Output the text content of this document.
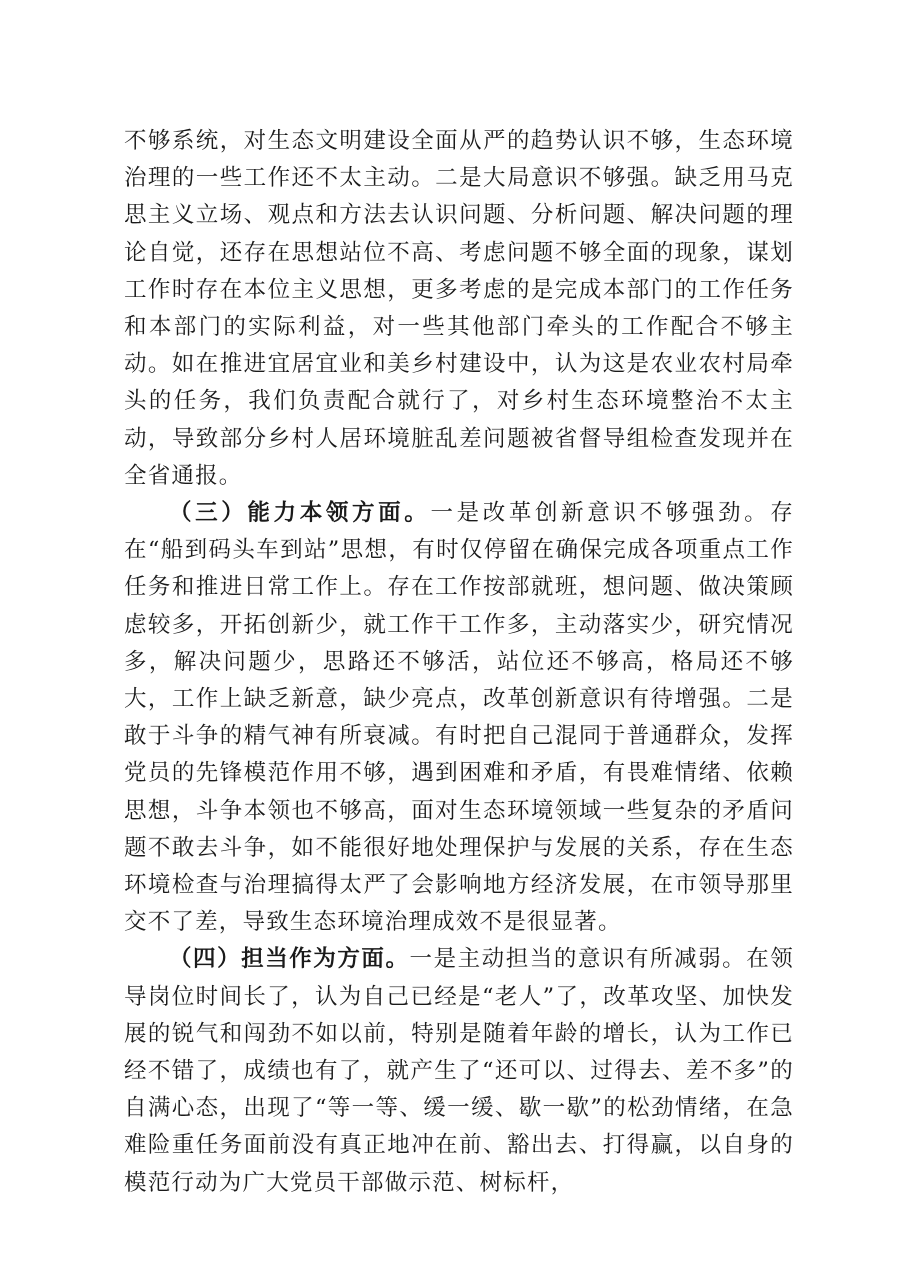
不够系统，对生态文明建设全面从严的趋势认识不够，生态环境治理的一些工作还不太主动。二是大局意识不够强。缺乏用马克思主义立场、观点和方法去认识问题、分析问题、解决问题的理论自觉，还存在思想站位不高、考虑问题不够全面的现象，谋划工作时存在本位主义思想，更多考虑的是完成本部门的工作任务和本部门的实际利益，对一些其他部门牵头的工作配合不够主动。如在推进宜居宜业和美乡村建设中，认为这是农业农村局牵头的任务，我们负责配合就行了，对乡村生态环境整治不太主动，导致部分乡村人居环境脏乱差问题被省督导组检查发现并在全省通报。

（三）能力本领方面。一是改革创新意识不够强劲。存在“船到码头车到站”思想，有时仅停留在确保完成各项重点工作任务和推进日常工作上。存在工作按部就班，想问题、做决策顾虑较多，开拓创新少，就工作干工作多，主动落实少，研究情况多，解决问题少，思路还不够活，站位还不够高，格局还不够大，工作上缺乏新意，缺少亮点，改革创新意识有待增强。二是敢于斗争的精气神有所衰减。有时把自己混同于普通群众，发挥党员的先锋模范作用不够，遇到困难和矛盾，有畏难情绪、依赖思想，斗争本领也不够高，面对生态环境领域一些复杂的矛盾问题不敢去斗争，如不能很好地处理保护与发展的关系，存在生态环境检查与治理搞得太严了会影响地方经济发展，在市领导那里交不了差，导致生态环境治理成效不是很显著。

（四）担当作为方面。一是主动担当的意识有所减弱。在领导岗位时间长了，认为自己已经是“老人”了，改革攻坚、加快发展的锐气和闯劲不如以前，特别是随着年龄的增长，认为工作已经不错了，成绩也有了，就产生了“还可以、过得去、差不多”的自满心态，出现了“等一等、缓一缓、歇一歇”的松劲情绪，在急难险重任务面前没有真正地冲在前、豁出去、打得赢，以自身的模范行动为广大党员干部做示范、树标杆，
